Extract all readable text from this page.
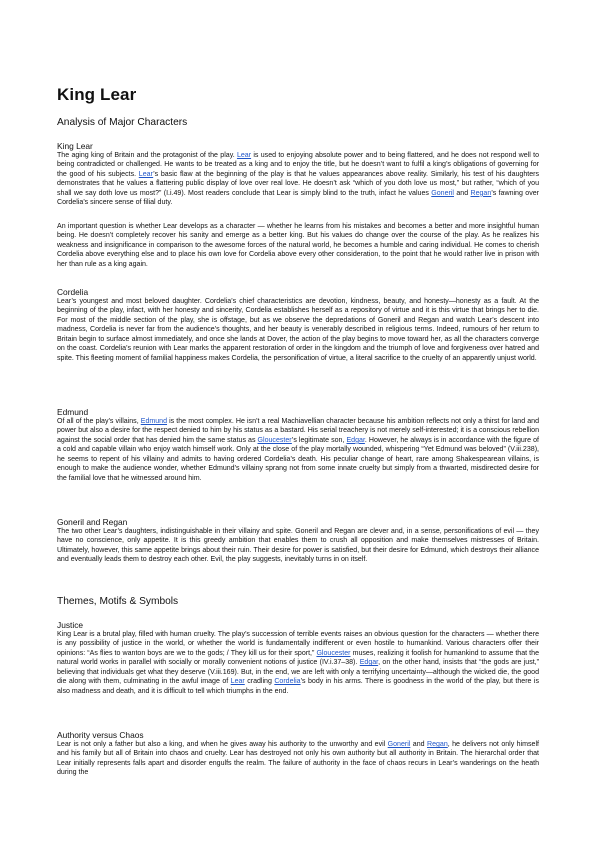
King Lear
Analysis of Major Characters
King Lear

The aging king of Britain and the protagonist of the play. Lear is used to enjoying absolute power and to being flattered, and he does not respond well to being contradicted or challenged. He wants to be treated as a king and to enjoy the title, but he doesn’t want to fulfil a king’s obligations of governing for the good of his subjects. Lear’s basic flaw at the beginning of the play is that he values appearances above reality. Similarly, his test of his daughters demonstrates that he values a flattering public display of love over real love. He doesn’t ask “which of you doth love us most,” but rather, “which of you shall we say doth love us most?” (I.i.49). Most readers conclude that Lear is simply blind to the truth, infact he values Goneril and Regan’s fawning over Cordelia’s sincere sense of filial duty.

An important question is whether Lear develops as a character — whether he learns from his mistakes and becomes a better and more insightful human being. He doesn’t completely recover his sanity and emerge as a better king. But his values do change over the course of the play. As he realizes his weakness and insignificance in comparison to the awesome forces of the natural world, he becomes a humble and caring individual. He comes to cherish Cordelia above everything else and to place his own love for Cordelia above every other consideration, to the point that he would rather live in prison with her than rule as a king again.

Cordelia

Lear’s youngest and most beloved daughter. Cordelia’s chief characteristics are devotion, kindness, beauty, and honesty—honesty as a fault. At the beginning of the play, infact, with her honesty and sincerity, Cordelia establishes herself as a repository of virtue and it is this virtue that brings her to die. For most of the middle section of the play, she is offstage, but as we observe the depredations of Goneril and Regan and watch Lear’s descent into madness, Cordelia is never far from the audience’s thoughts, and her beauty is venerably described in religious terms. Indeed, rumours of her return to Britain begin to surface almost immediately, and once she lands at Dover, the action of the play begins to move toward her, as all the characters converge on the coast. Cordelia’s reunion with Lear marks the apparent restoration of order in the kingdom and the triumph of love and forgiveness over hatred and spite. This fleeting moment of familial happiness makes Cordelia, the personification of virtue, a literal sacrifice to the cruelty of an apparently unjust world.

Edmund

Of all of the play’s villains, Edmund is the most complex. He isn’t a real Machiavellian character because his ambition reflects not only a thirst for land and power but also a desire for the respect denied to him by his status as a bastard. His serial treachery is not merely self-interested; it is a conscious rebellion against the social order that has denied him the same status as Gloucester’s legitimate son, Edgar. However, he always is in accordance with the figure of a cold and capable villain who enjoy watch himself work. Only at the close of the play mortally wounded, whispering “Yet Edmund was beloved” (V.iii.238), he seems to repent of his villainy and admits to having ordered Cordelia’s death. His peculiar change of heart, rare among Shakespearean villains, is enough to make the audience wonder, whether Edmund’s villainy sprang not from some innate cruelty but simply from a thwarted, misdirected desire for the familial love that he witnessed around him.

Goneril and Regan

The two other Lear’s daughters, indistinguishable in their villainy and spite. Goneril and Regan are clever and, in a sense, personifications of evil — they have no conscience, only appetite. It is this greedy ambition that enables them to crush all opposition and make themselves mistresses of Britain. Ultimately, however, this same appetite brings about their ruin. Their desire for power is satisfied, but their desire for Edmund, which destroys their alliance and eventually leads them to destroy each other. Evil, the play suggests, inevitably turns in on itself.

Themes, Motifs & Symbols
Justice

King Lear is a brutal play, filled with human cruelty. The play’s succession of terrible events raises an obvious question for the characters — whether there is any possibility of justice in the world, or whether the world is fundamentally indifferent or even hostile to humankind. Various characters offer their opinions: “As flies to wanton boys are we to the gods; / They kill us for their sport,” Gloucester muses, realizing it foolish for humankind to assume that the natural world works in parallel with socially or morally convenient notions of justice (IV.i.37–38). Edgar, on the other hand, insists that “the gods are just,” believing that individuals get what they deserve (V.iii.169). But, in the end, we are left with only a terrifying uncertainty—although the wicked die, the good die along with them, culminating in the awful image of Lear cradling Cordelia’s body in his arms. There is goodness in the world of the play, but there is also madness and death, and it is difficult to tell which triumphs in the end.

Authority versus Chaos

Lear is not only a father but also a king, and when he gives away his authority to the unworthy and evil Goneril and Regan, he delivers not only himself and his family but all of Britain into chaos and cruelty. Lear has destroyed not only his own authority but all authority in Britain. The hierarchal order that Lear initially represents falls apart and disorder engulfs the realm. The failure of authority in the face of chaos recurs in Lear’s wanderings on the heath during the
